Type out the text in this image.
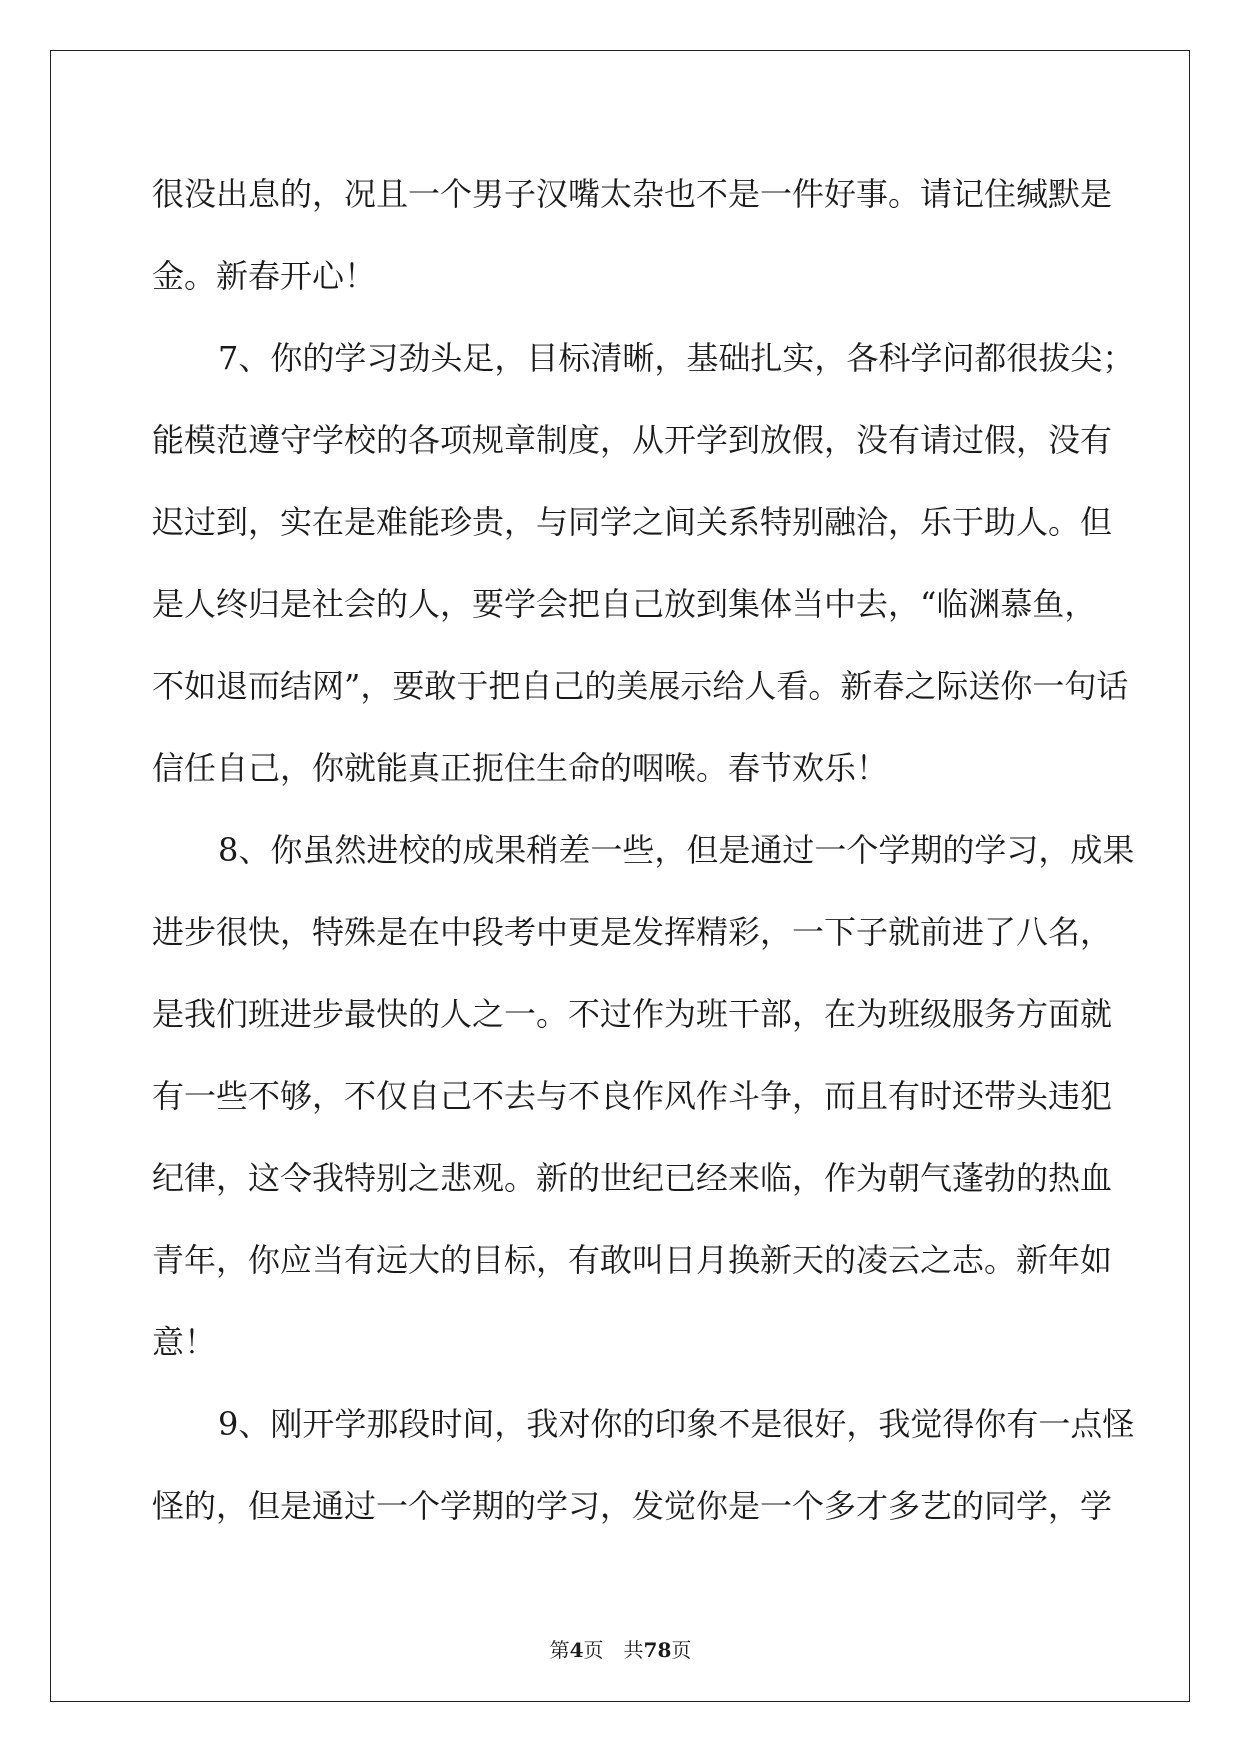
很没出息的，况且一个男子汉嘴太杂也不是一件好事。请记住缄默是
金。新春开心！
7、你的学习劲头足，目标清晰，基础扎实，各科学问都很拔尖；
能模范遵守学校的各项规章制度，从开学到放假，没有请过假，没有
迟过到，实在是难能珍贵，与同学之间关系特别融洽，乐于助人。但
是人终归是社会的人，要学会把自己放到集体当中去，“临渊慕鱼，
不如退而结网”，要敢于把自己的美展示给人看。新春之际送你一句话
信任自己，你就能真正扼住生命的咽喉。春节欢乐！
8、你虽然进校的成果稍差一些，但是通过一个学期的学习，成果
进步很快，特殊是在中段考中更是发挥精彩，一下子就前进了八名，
是我们班进步最快的人之一。不过作为班干部，在为班级服务方面就
有一些不够，不仅自己不去与不良作风作斗争，而且有时还带头违犯
纪律，这令我特别之悲观。新的世纪已经来临，作为朝气蓬勃的热血
青年，你应当有远大的目标，有敢叫日月换新天的凌云之志。新年如
意！
9、刚开学那段时间，我对你的印象不是很好，我觉得你有一点怪
怪的，但是通过一个学期的学习，发觉你是一个多才多艺的同学，学
第4页　共78页
